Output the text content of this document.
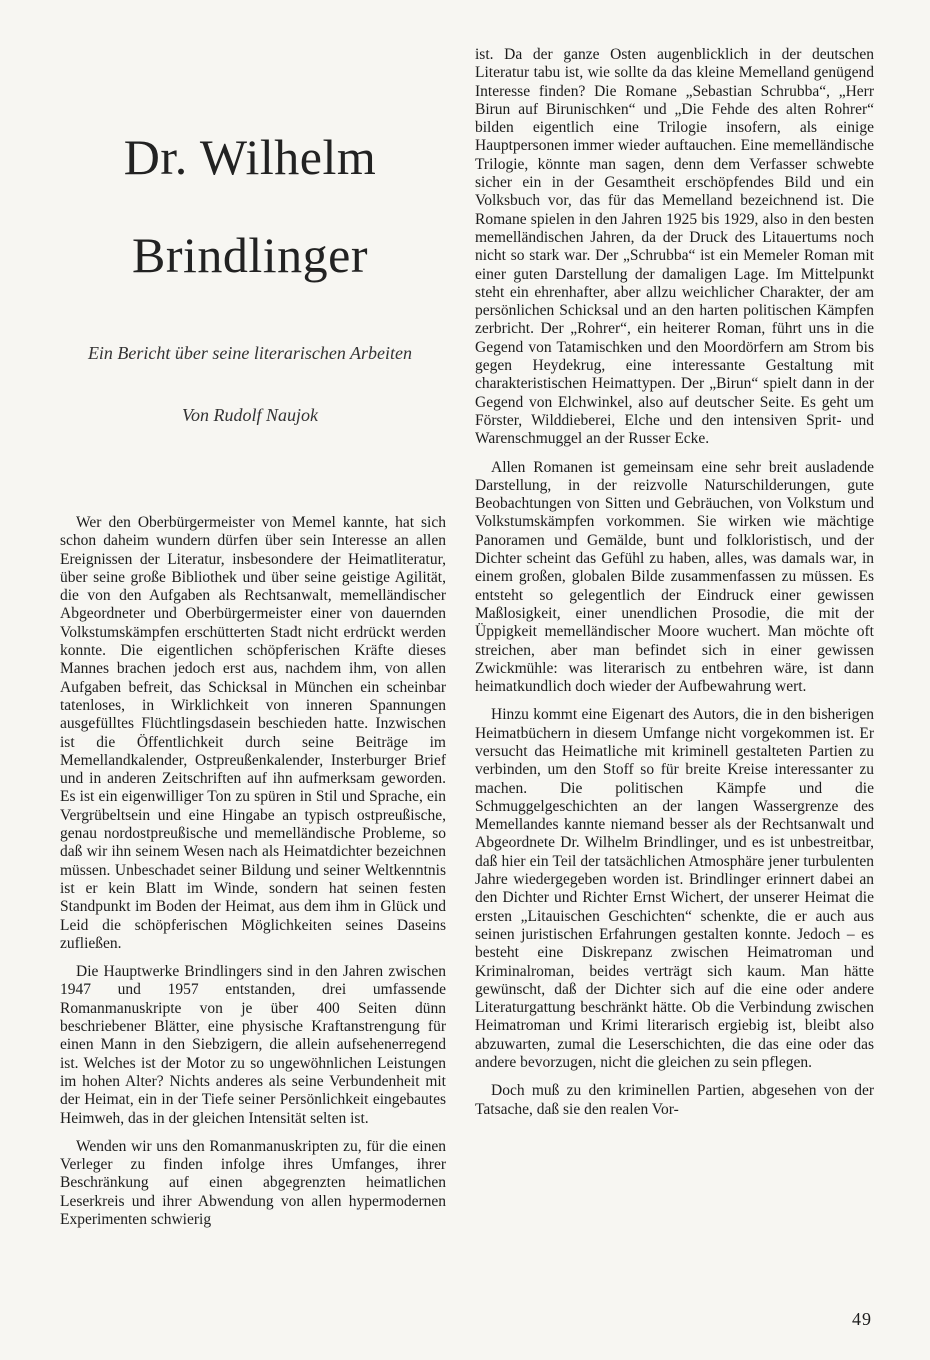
Dr. Wilhelm
Brindlinger
Ein Bericht über seine literarischen Arbeiten
Von Rudolf Naujok

Wer den Oberbürgermeister von Memel kannte, hat sich schon daheim wundern dürfen über sein Interesse an allen Ereignissen der Literatur, insbesondere der Heimatliteratur, über seine große Bibliothek und über seine geistige Agilität, die von den Aufgaben als Rechtsanwalt, memelländischer Abgeordneter und Oberbürgermeister einer von dauernden Volkstumskämpfen erschütterten Stadt nicht erdrückt werden konnte. Die eigentlichen schöpferischen Kräfte dieses Mannes brachen jedoch erst aus, nachdem ihm, von allen Aufgaben befreit, das Schicksal in München ein scheinbar tatenloses, in Wirklichkeit von inneren Spannungen ausgefülltes Flüchtlingsdasein beschieden hatte. Inzwischen ist die Öffentlichkeit durch seine Beiträge im Memellandkalender, Ostpreußenkalender, Insterburger Brief und in anderen Zeitschriften auf ihn aufmerksam geworden. Es ist ein eigenwilliger Ton zu spüren in Stil und Sprache, ein Vergrübeltsein und eine Hingabe an typisch ostpreußische, genau nordostpreußische und memelländische Probleme, so daß wir ihn seinem Wesen nach als Heimatdichter bezeichnen müssen. Unbeschadet seiner Bildung und seiner Weltkenntnis ist er kein Blatt im Winde, sondern hat seinen festen Standpunkt im Boden der Heimat, aus dem ihm in Glück und Leid die schöpferischen Möglichkeiten seines Daseins zufließen.

Die Hauptwerke Brindlingers sind in den Jahren zwischen 1947 und 1957 entstanden, drei umfassende Romanmanuskripte von je über 400 Seiten dünn beschriebener Blätter, eine physische Kraftanstrengung für einen Mann in den Siebzigern, die allein aufsehenerregend ist. Welches ist der Motor zu so ungewöhnlichen Leistungen im hohen Alter? Nichts anderes als seine Verbundenheit mit der Heimat, ein in der Tiefe seiner Persönlichkeit eingebautes Heimweh, das in der gleichen Intensität selten ist.

Wenden wir uns den Romanmanuskripten zu, für die einen Verleger zu finden infolge ihres Umfanges, ihrer Beschränkung auf einen abgegrenzten heimatlichen Leserkreis und ihrer Abwendung von allen hypermodernen Experimenten schwierig

ist. Da der ganze Osten augenblicklich in der deutschen Literatur tabu ist, wie sollte da das kleine Memelland genügend Interesse finden? Die Romane „Sebastian Schrubba“, „Herr Birun auf Birunischken“ und „Die Fehde des alten Rohrer“ bilden eigentlich eine Trilogie insofern, als einige Hauptpersonen immer wieder auftauchen. Eine memelländische Trilogie, könnte man sagen, denn dem Verfasser schwebte sicher ein in der Gesamtheit erschöpfendes Bild und ein Volksbuch vor, das für das Memelland bezeichnend ist. Die Romane spielen in den Jahren 1925 bis 1929, also in den besten memelländischen Jahren, da der Druck des Litauertums noch nicht so stark war. Der „Schrubba“ ist ein Memeler Roman mit einer guten Darstellung der damaligen Lage. Im Mittelpunkt steht ein ehrenhafter, aber allzu weichlicher Charakter, der am persönlichen Schicksal und an den harten politischen Kämpfen zerbricht. Der „Rohrer“, ein heiterer Roman, führt uns in die Gegend von Tatamischken und den Moordörfern am Strom bis gegen Heydekrug, eine interessante Gestaltung mit charakteristischen Heimattypen. Der „Birun“ spielt dann in der Gegend von Elchwinkel, also auf deutscher Seite. Es geht um Förster, Wilddieberei, Elche und den intensiven Sprit- und Warenschmuggel an der Russer Ecke.

Allen Romanen ist gemeinsam eine sehr breit ausladende Darstellung, in der reizvolle Naturschilderungen, gute Beobachtungen von Sitten und Gebräuchen, von Volkstum und Volkstumskämpfen vorkommen. Sie wirken wie mächtige Panoramen und Gemälde, bunt und folkloristisch, und der Dichter scheint das Gefühl zu haben, alles, was damals war, in einem großen, globalen Bilde zusammenfassen zu müssen. Es entsteht so gelegentlich der Eindruck einer gewissen Maßlosigkeit, einer unendlichen Prosodie, die mit der Üppigkeit memelländischer Moore wuchert. Man möchte oft streichen, aber man befindet sich in einer gewissen Zwickmühle: was literarisch zu entbehren wäre, ist dann heimatkundlich doch wieder der Aufbewahrung wert.

Hinzu kommt eine Eigenart des Autors, die in den bisherigen Heimatbüchern in diesem Umfange nicht vorgekommen ist. Er versucht das Heimatliche mit kriminell gestalteten Partien zu verbinden, um den Stoff so für breite Kreise interessanter zu machen. Die politischen Kämpfe und die Schmuggelgeschichten an der langen Wassergrenze des Memellandes kannte niemand besser als der Rechtsanwalt und Abgeordnete Dr. Wilhelm Brindlinger, und es ist unbestreitbar, daß hier ein Teil der tatsächlichen Atmosphäre jener turbulenten Jahre wiedergegeben worden ist. Brindlinger erinnert dabei an den Dichter und Richter Ernst Wichert, der unserer Heimat die ersten „Litauischen Geschichten“ schenkte, die er auch aus seinen juristischen Erfahrungen gestalten konnte. Jedoch – es besteht eine Diskrepanz zwischen Heimatroman und Kriminalroman, beides verträgt sich kaum. Man hätte gewünscht, daß der Dichter sich auf die eine oder andere Literaturgattung beschränkt hätte. Ob die Verbindung zwischen Heimatroman und Krimi literarisch ergiebig ist, bleibt also abzuwarten, zumal die Leserschichten, die das eine oder das andere bevorzugen, nicht die gleichen zu sein pflegen.

Doch muß zu den kriminellen Partien, abgesehen von der Tatsache, daß sie den realen Vor-

49
